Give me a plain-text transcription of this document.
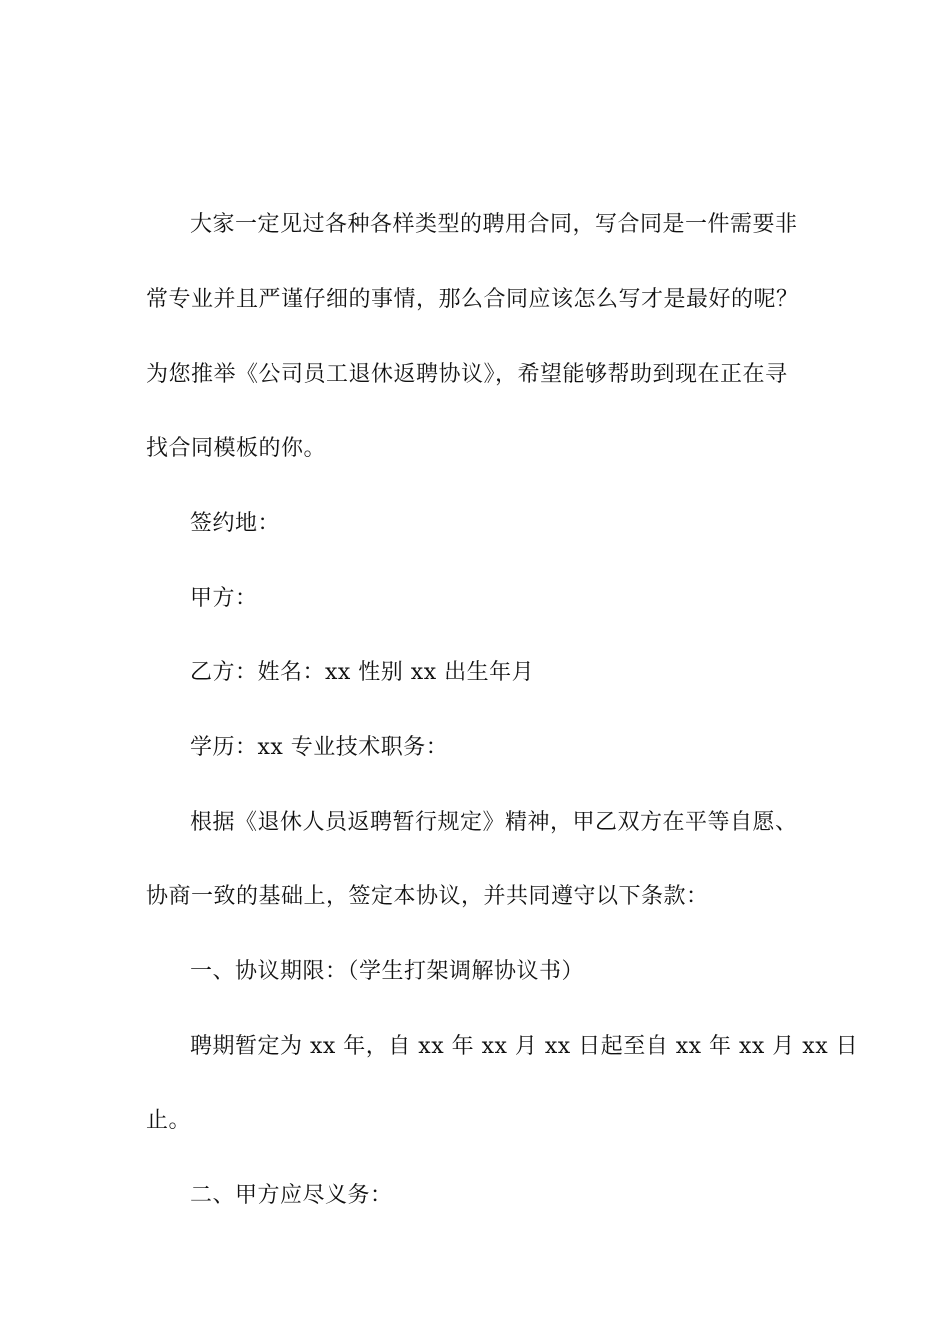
大家一定见过各种各样类型的聘用合同，写合同是一件需要非
常专业并且严谨仔细的事情，那么合同应该怎么写才是最好的呢？
为您推举《公司员工退休返聘协议》，希望能够帮助到现在正在寻
找合同模板的你。
签约地：
甲方：
乙方：姓名：xx 性别 xx 出生年月
学历：xx 专业技术职务：
根据《退休人员返聘暂行规定》精神，甲乙双方在平等自愿、
协商一致的基础上，签定本协议，并共同遵守以下条款：
一、协议期限：（学生打架调解协议书）
聘期暂定为 xx 年，自 xx 年 xx 月 xx 日起至自 xx 年 xx 月 xx 日
止。
二、甲方应尽义务：
